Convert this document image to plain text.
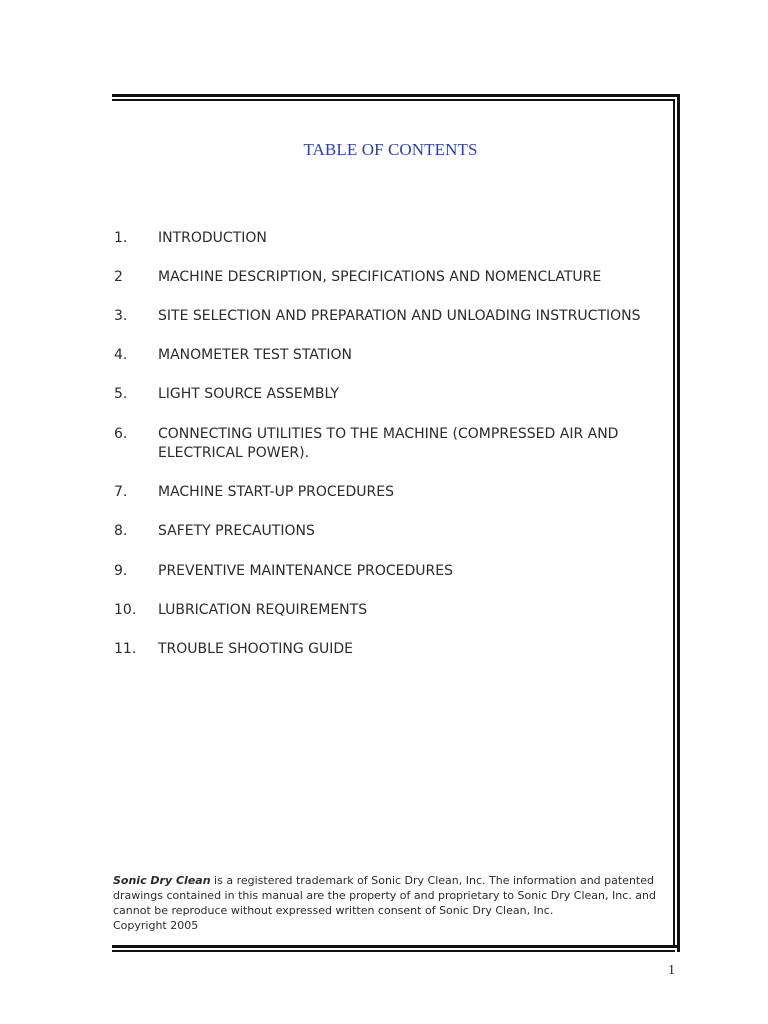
TABLE OF CONTENTS
1.	INTRODUCTION
2	MACHINE DESCRIPTION, SPECIFICATIONS AND NOMENCLATURE
3.	SITE SELECTION AND PREPARATION AND UNLOADING INSTRUCTIONS
4.	MANOMETER TEST STATION
5.	LIGHT SOURCE ASSEMBLY
6.	CONNECTING UTILITIES TO THE MACHINE (COMPRESSED AIR AND ELECTRICAL POWER).
7.	MACHINE START-UP PROCEDURES
8.	SAFETY PRECAUTIONS
9.	PREVENTIVE MAINTENANCE PROCEDURES
10.	LUBRICATION REQUIREMENTS
11.	TROUBLE SHOOTING GUIDE
Sonic Dry Clean is a registered trademark of Sonic Dry Clean, Inc. The information and patented drawings contained in this manual are the property of and proprietary to Sonic Dry Clean, Inc. and cannot be reproduce without expressed written consent of Sonic Dry Clean, Inc.
Copyright 2005
1
